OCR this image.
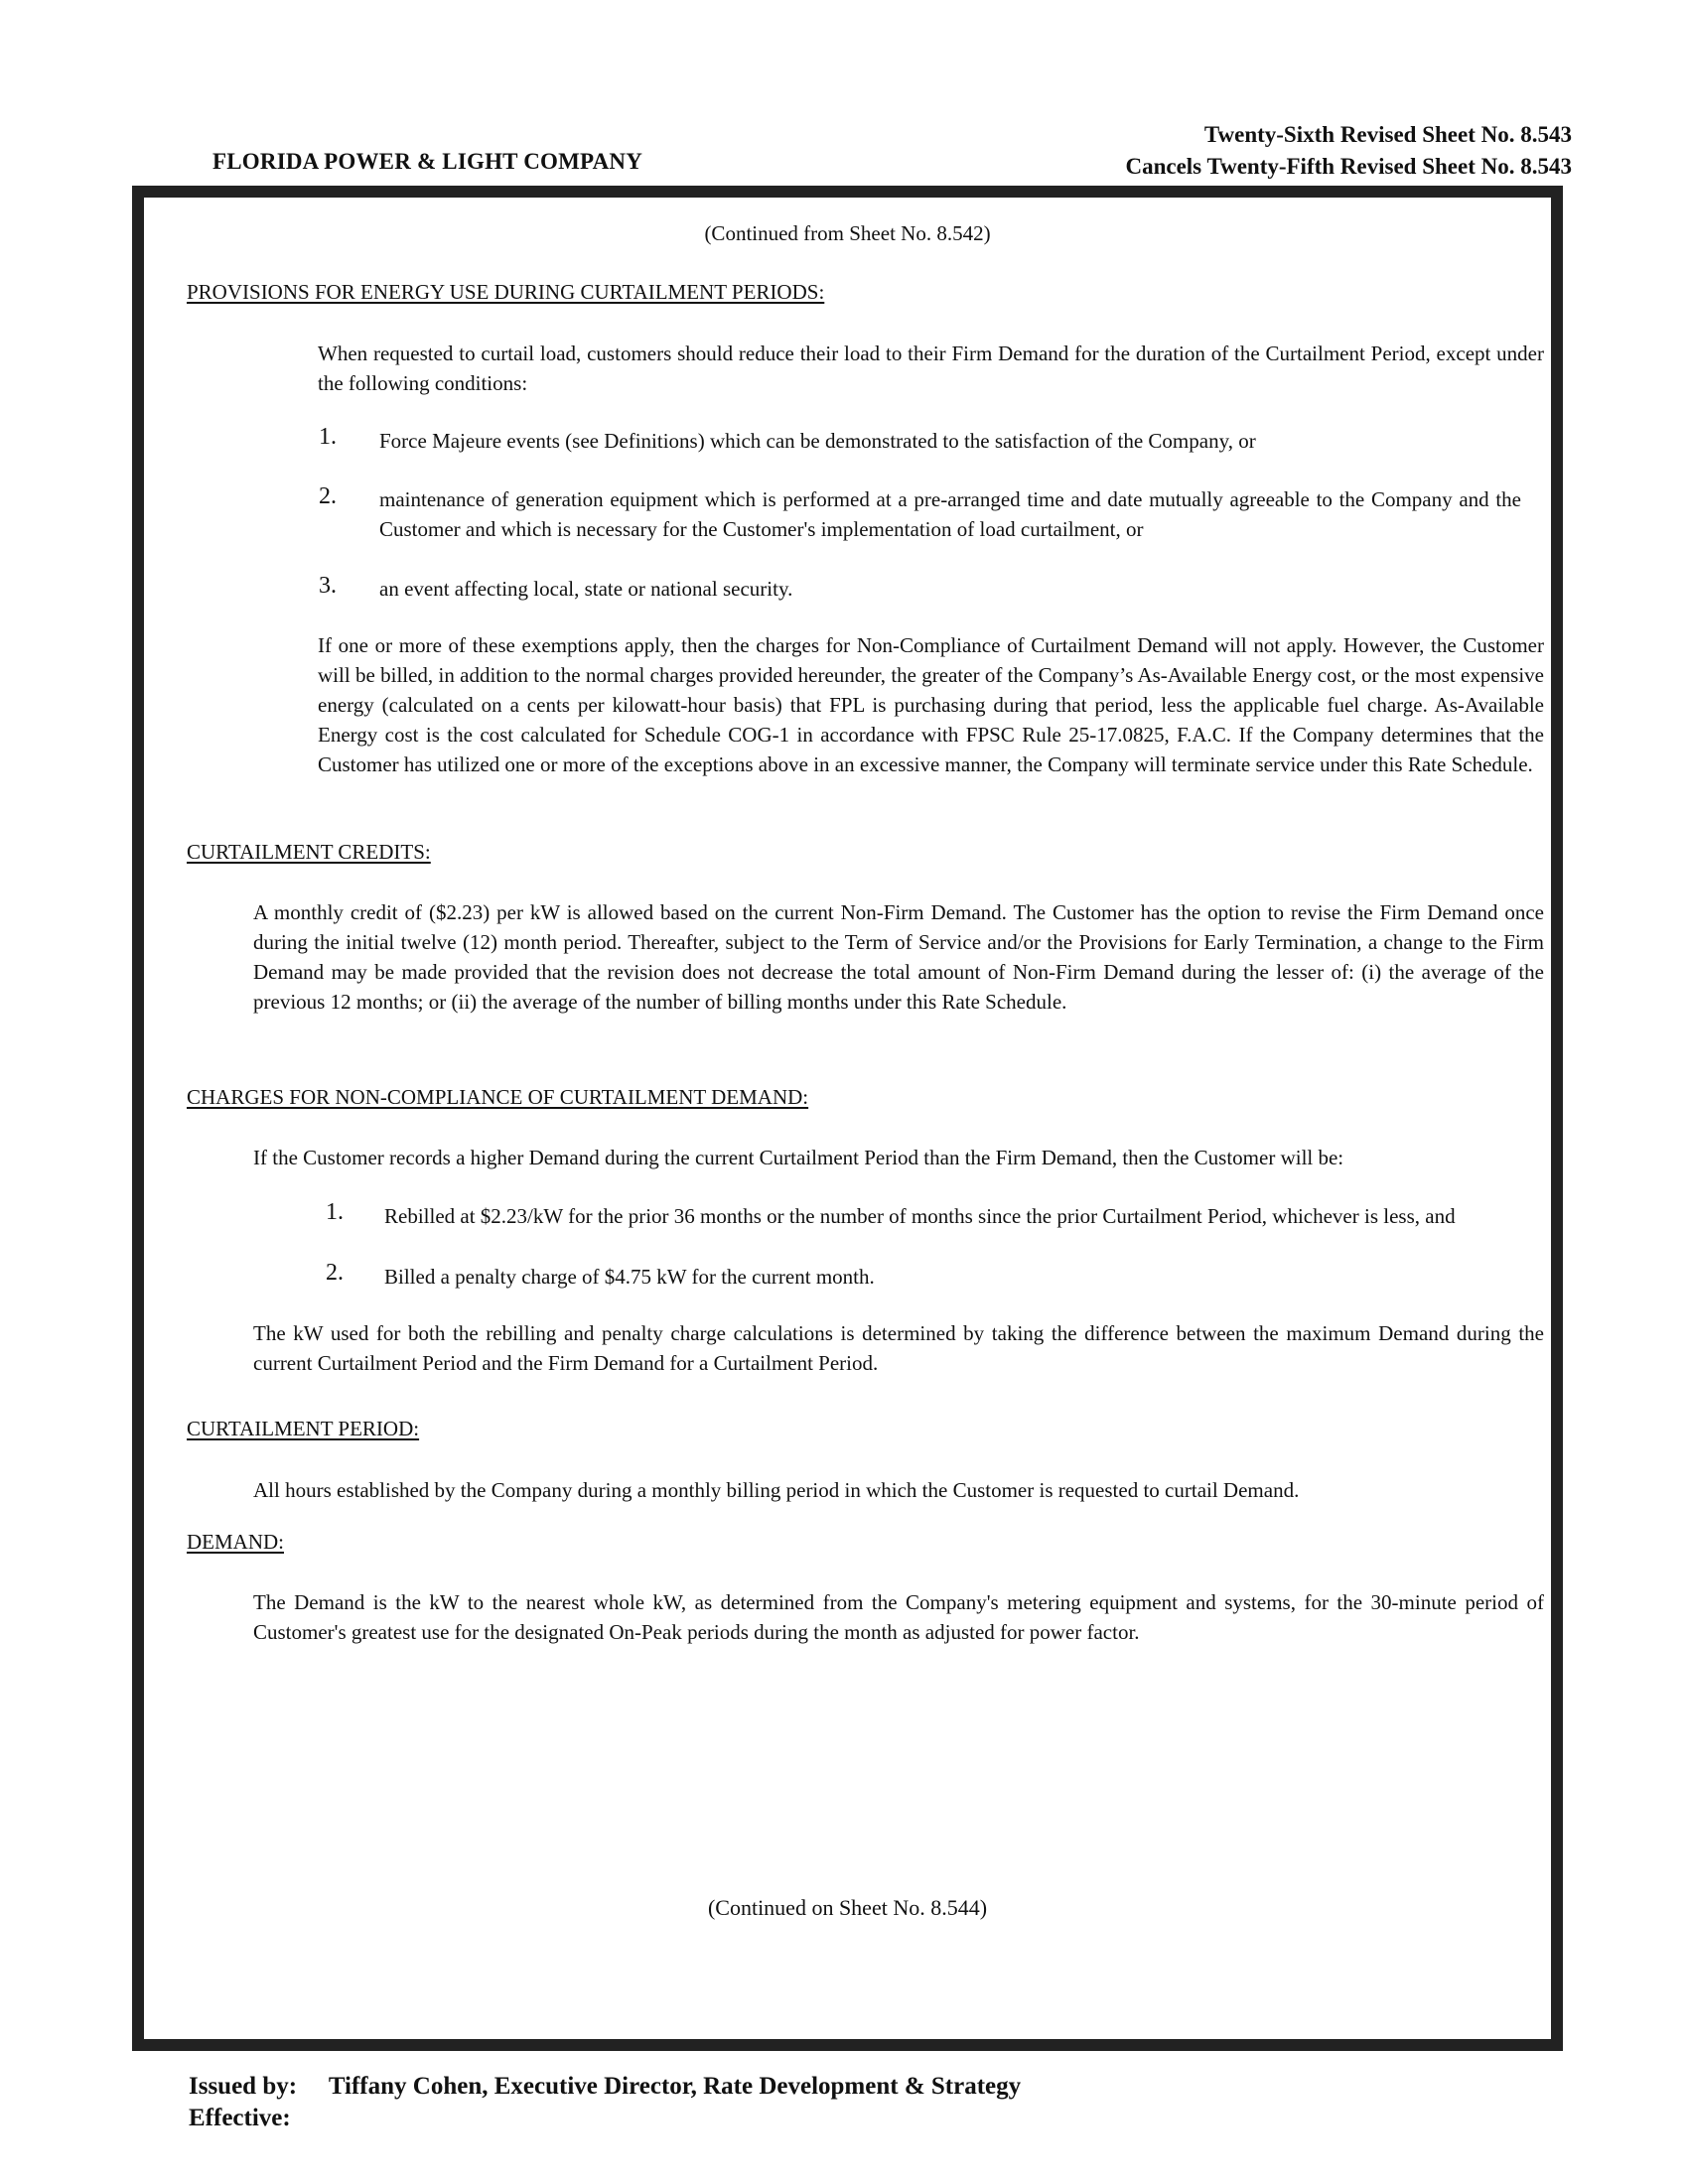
FLORIDA POWER & LIGHT COMPANY
Twenty-Sixth Revised Sheet No. 8.543
Cancels Twenty-Fifth Revised Sheet No. 8.543
(Continued from Sheet No. 8.542)
PROVISIONS FOR ENERGY USE DURING CURTAILMENT PERIODS:
When requested to curtail load, customers should reduce their load to their Firm Demand for the duration of the Curtailment Period, except under the following conditions:
1. Force Majeure events (see Definitions) which can be demonstrated to the satisfaction of the Company, or
2. maintenance of generation equipment which is performed at a pre-arranged time and date mutually agreeable to the Company and the Customer and which is necessary for the Customer's implementation of load curtailment, or
3. an event affecting local, state or national security.
If one or more of these exemptions apply, then the charges for Non-Compliance of Curtailment Demand will not apply. However, the Customer will be billed, in addition to the normal charges provided hereunder, the greater of the Company’s As-Available Energy cost, or the most expensive energy (calculated on a cents per kilowatt-hour basis) that FPL is purchasing during that period, less the applicable fuel charge. As-Available Energy cost is the cost calculated for Schedule COG-1 in accordance with FPSC Rule 25-17.0825, F.A.C. If the Company determines that the Customer has utilized one or more of the exceptions above in an excessive manner, the Company will terminate service under this Rate Schedule.
CURTAILMENT CREDITS:
A monthly credit of ($2.23) per kW is allowed based on the current Non-Firm Demand. The Customer has the option to revise the Firm Demand once during the initial twelve (12) month period. Thereafter, subject to the Term of Service and/or the Provisions for Early Termination, a change to the Firm Demand may be made provided that the revision does not decrease the total amount of Non-Firm Demand during the lesser of: (i) the average of the previous 12 months; or (ii) the average of the number of billing months under this Rate Schedule.
CHARGES FOR NON-COMPLIANCE OF CURTAILMENT DEMAND:
If the Customer records a higher Demand during the current Curtailment Period than the Firm Demand, then the Customer will be:
1. Rebilled at $2.23/kW for the prior 36 months or the number of months since the prior Curtailment Period, whichever is less, and
2. Billed a penalty charge of $4.75 kW for the current month.
The kW used for both the rebilling and penalty charge calculations is determined by taking the difference between the maximum Demand during the current Curtailment Period and the Firm Demand for a Curtailment Period.
CURTAILMENT PERIOD:
All hours established by the Company during a monthly billing period in which the Customer is requested to curtail Demand.
DEMAND:
The Demand is the kW to the nearest whole kW, as determined from the Company's metering equipment and systems, for the 30-minute period of Customer's greatest use for the designated On-Peak periods during the month as adjusted for power factor.
(Continued on Sheet No. 8.544)
Issued by: Tiffany Cohen, Executive Director, Rate Development & Strategy
Effective:
